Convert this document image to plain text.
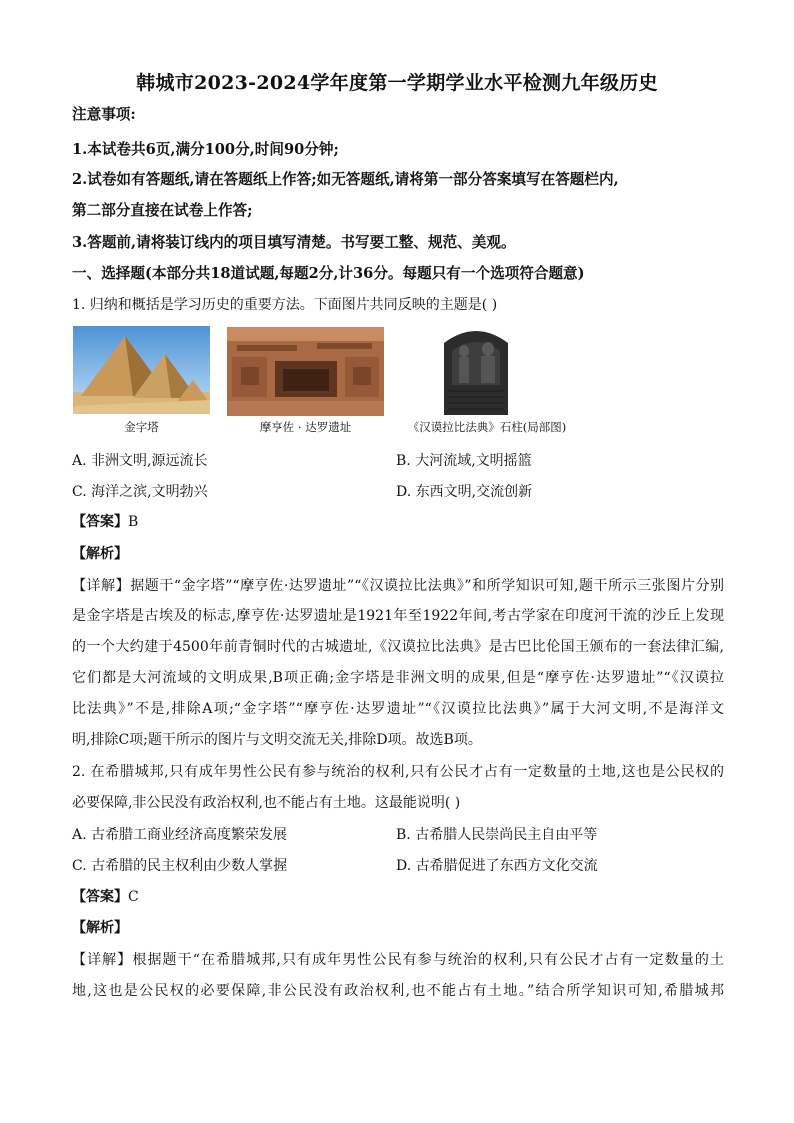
韩城市2023-2024学年度第一学期学业水平检测九年级历史
注意事项:
1.本试卷共6页,满分100分,时间90分钟;
2.试卷如有答题纸,请在答题纸上作答;如无答题纸,请将第一部分答案填写在答题栏内,
第二部分直接在试卷上作答;
3.答题前,请将装订线内的项目填写清楚。书写要工整、规范、美观。
一、选择题(本部分共18道试题,每题2分,计36分。每题只有一个选项符合题意)
1. 归纳和概括是学习历史的重要方法。下面图片共同反映的主题是( )
金字塔	摩亨佐 · 达罗遗址	《汉谟拉比法典》石柱(局部图)
A. 非洲文明,源远流长	B. 大河流域,文明摇篮
C. 海洋之滨,文明勃兴	D. 东西文明,交流创新
【答案】B
【解析】
【详解】据题干“金字塔”“摩亨佐·达罗遗址”“《汉谟拉比法典》”和所学知识可知,题干所示三张图片分别
是金字塔是古埃及的标志,摩亨佐·达罗遗址是1921年至1922年间,考古学家在印度河干流的沙丘上发现
的一个大约建于4500年前青铜时代的古城遗址,《汉谟拉比法典》是古巴比伦国王颁布的一套法律汇编,
它们都是大河流域的文明成果,B项正确;金字塔是非洲文明的成果,但是“摩亨佐·达罗遗址”“《汉谟拉
比法典》”不是,排除A项;“金字塔”“摩亨佐·达罗遗址”“《汉谟拉比法典》”属于大河文明,不是海洋文
明,排除C项;题干所示的图片与文明交流无关,排除D项。故选B项。
2. 在希腊城邦,只有成年男性公民有参与统治的权利,只有公民才占有一定数量的土地,这也是公民权的
必要保障,非公民没有政治权利,也不能占有土地。这最能说明( )
A. 古希腊工商业经济高度繁荣发展	B. 古希腊人民崇尚民主自由平等
C. 古希腊的民主权利由少数人掌握	D. 古希腊促进了东西方文化交流
【答案】C
【解析】
【详解】根据题干“在希腊城邦,只有成年男性公民有参与统治的权利,只有公民才占有一定数量的土
地,这也是公民权的必要保障,非公民没有政治权利,也不能占有土地。”结合所学知识可知,希腊城邦
